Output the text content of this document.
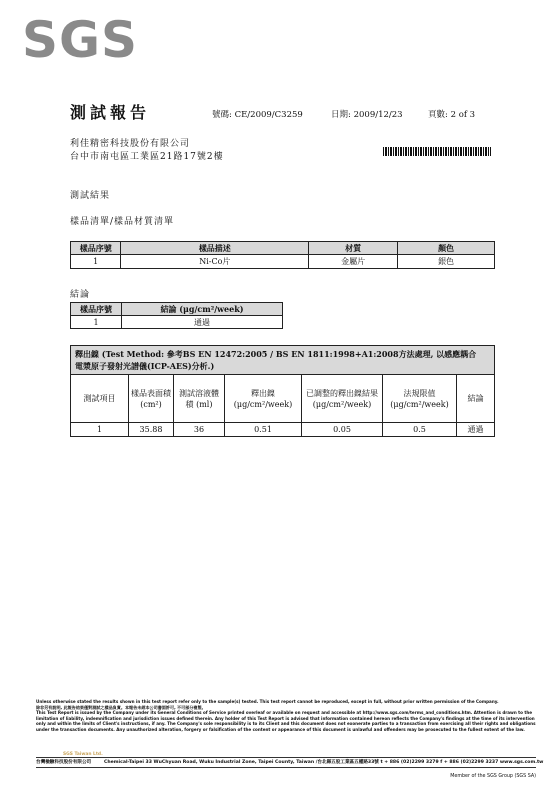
SGS
測試報告	號碼: CE/2009/C3259	日期: 2009/12/23	頁數: 2 of 3
利佳精密科技股份有限公司
台中市南屯區工業區21路17號2樓
測試結果
樣品清單/樣品材質清單
樣品序號	樣品描述	材質	顏色
1	Ni-Co片	金屬片	銀色
結論
樣品序號	結論 (μg/cm²/week)
1	通過
釋出鎳 (Test Method: 參考BS EN 12472:2005 / BS EN 1811:1998+A1:2008方法處理, 以感應耦合
電漿原子發射光譜儀(ICP-AES)分析.)						

測試項目	樣品表面積 (cm²)	測試溶液體積 (ml)	釋出鎳 (μg/cm²/week)	已調整的釋出鎳結果 (μg/cm²/week)	法規限值 (μg/cm²/week)	結論
1	35.88	36	0.51	0.05	0.5	通過
Unless otherwise stated the results shown in this test report refer only to the sample(s) tested. This test report cannot be reproduced, except in full, without prior written permission of the Company.
除非另有說明, 此報告結果僅對測試之樣品負責。本報告未經本公司書面許可, 不可部分複製。
This Test Report is issued by the Company under its General Conditions of Service printed overleaf or available on request and accessible at http://www.sgs.com/terms_and_conditions.htm. Attention is drawn to the limitation of liability, indemnification and jurisdiction issues defined therein. Any holder of this Test Report is advised that information contained hereon reflects the Company's findings at the time of its intervention only and within the limits of Client's instructions, if any. The Company's sole responsibility is to its Client and this document does not exonerate parties to a transaction from exercising all their rights and obligations under the transaction documents. Any unauthorized alteration, forgery or falsification of the content or appearance of this document is unlawful and offenders may be prosecuted to the fullest extent of the law.
SGS Taiwan Ltd.
台灣檢驗科技股份有限公司	Chemical-Taipei 33 WuChyuan Road, Wuku Industrial Zone, Taipei County, Taiwan /台北縣五股工業區五權路33號 t + 886 (02)2299 3279 f + 886 (02)2299 3237 www.sgs.com.tw
Member of the SGS Group (SGS SA)
